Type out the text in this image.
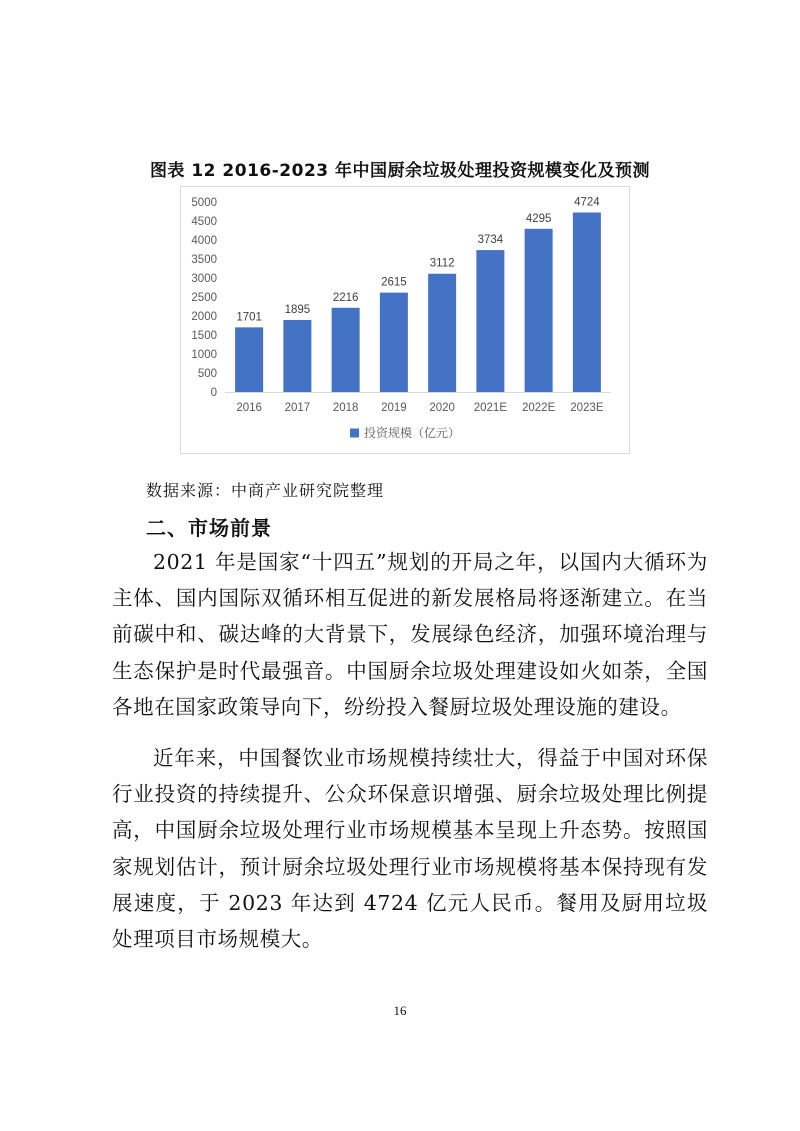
图表 12 2016-2023 年中国厨余垃圾处理投资规模变化及预测
0
500
1000
1500
2000
2500
3000
3500
4000
4500
5000
1701
2016
1895
2017
2216
2018
2615
2019
3112
2020
3734
2021E
4295
2022E
4724
2023E
投资规模（亿元）
数据来源：中商产业研究院整理
二、市场前景

2021 年是国家“十四五”规划的开局之年，以国内大循环为主体、国内国际双循环相互促进的新发展格局将逐渐建立。在当前碳中和、碳达峰的大背景下，发展绿色经济，加强环境治理与生态保护是时代最强音。中国厨余垃圾处理建设如火如荼，全国各地在国家政策导向下，纷纷投入餐厨垃圾处理设施的建设。

近年来，中国餐饮业市场规模持续壮大，得益于中国对环保行业投资的持续提升、公众环保意识增强、厨余垃圾处理比例提高，中国厨余垃圾处理行业市场规模基本呈现上升态势。按照国家规划估计，预计厨余垃圾处理行业市场规模将基本保持现有发展速度，于 2023 年达到 4724 亿元人民币。餐用及厨用垃圾处理项目市场规模大。

16
